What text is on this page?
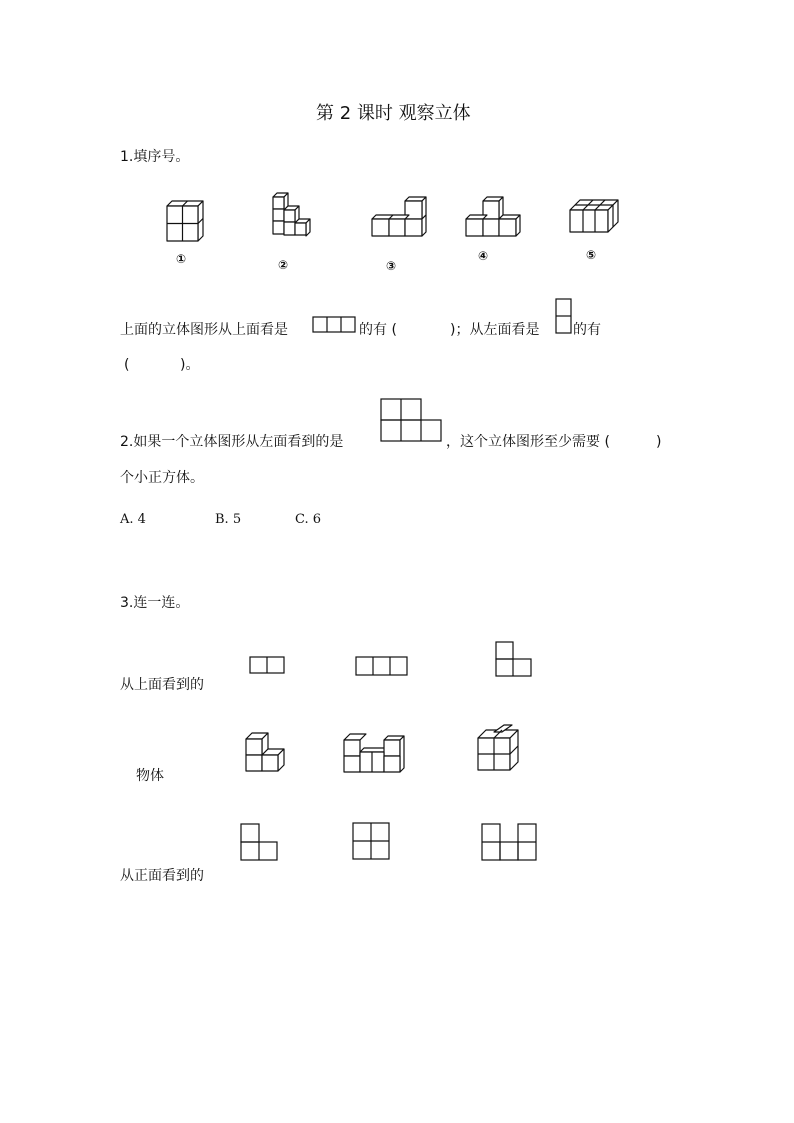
第 2 课时 观察立体
1.填序号。
①	②	③
④	⑤
上面的立体图形从上面看是	的有 (	)；从左面看是 的有
(	)。
2.如果一个立体图形从左面看到的是	，这个立体图形至少需要 (	)
个小正方体。
A. 4	B. 5	C. 6
3.连一连。
从上面看到的
物体
从正面看到的
